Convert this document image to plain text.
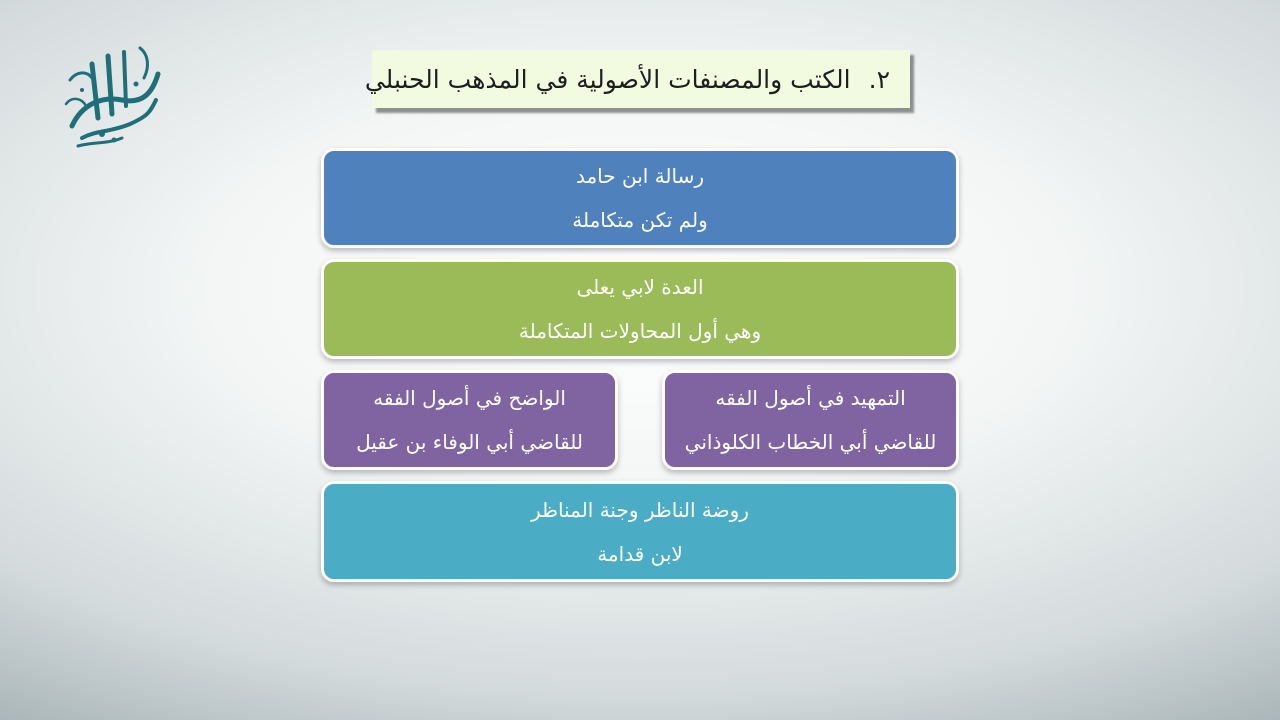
٢.الكتب والمصنفات الأصولية في المذهب الحنبلي
رسالة ابن حامد
ولم تكن متكاملة
العدة لابي يعلى
وهي أول المحاولات المتكاملة
التمهيد في أصول الفقه
للقاضي أبي الخطاب الكلوذاني
الواضح في أصول الفقه
للقاضي أبي الوفاء بن عقيل
روضة الناظر وجنة المناظر
لابن قدامة
